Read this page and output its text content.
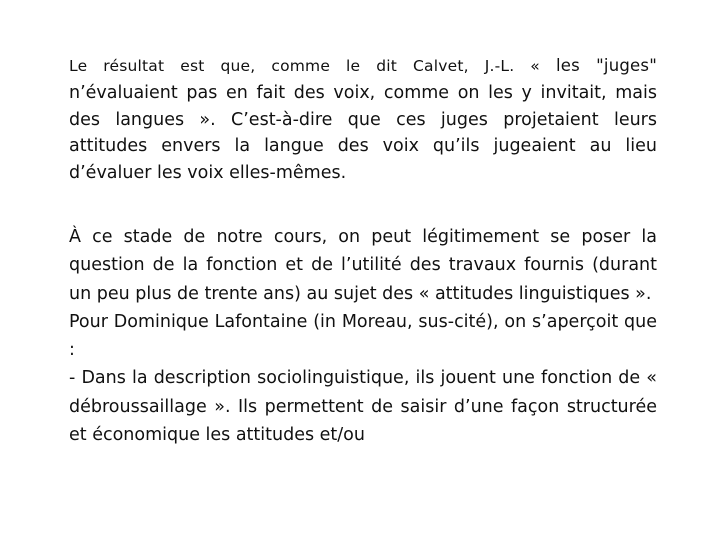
Le résultat est que, comme le dit Calvet, J.-L. « les "juges"
n’évaluaient pas en fait des voix, comme on les y invitait, mais des langues ». C’est-à-dire que ces juges projetaient leurs attitudes envers la langue des voix qu’ils jugeaient au lieu d’évaluer les voix elles-mêmes.

À ce stade de notre cours, on peut légitimement se poser la question de la fonction et de l’utilité des travaux fournis (durant un peu plus de trente ans) au sujet des « attitudes linguistiques ».

Pour Dominique Lafontaine (in Moreau, sus-cité), on s’aperçoit que :

- Dans la description sociolinguistique, ils jouent une fonction de « débroussaillage ». Ils permettent de saisir d’une façon structurée et économique les attitudes et/ou
